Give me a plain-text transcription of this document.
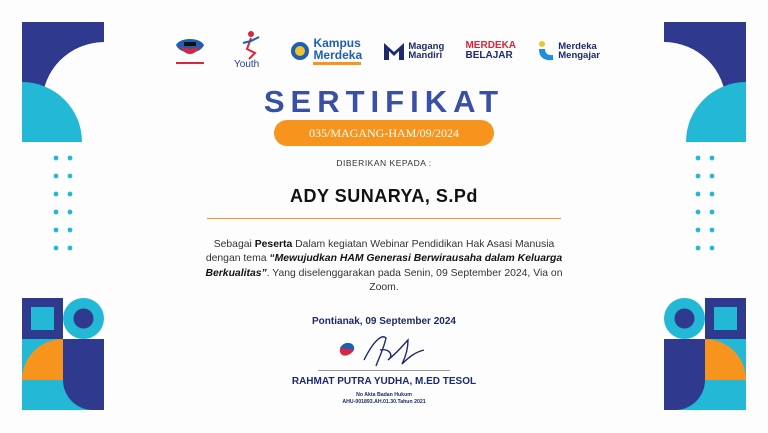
Youth
Kampus
Merdeka
Magang
Mandiri
MERDEKA
BELAJAR
Merdeka
Mengajar
SERTIFIKAT
035/MAGANG-HAM/09/2024
DIBERIKAN KEPADA :
ADY SUNARYA, S.Pd
Sebagai Peserta Dalam kegiatan Webinar Pendidikan Hak Asasi Manusia dengan tema “Mewujudkan HAM Generasi Berwirausaha dalam Keluarga Berkualitas”. Yang diselenggarakan pada Senin, 09 September 2024, Via on Zoom.
Pontianak, 09 September 2024
RAHMAT PUTRA YUDHA, M.ED TESOL
No Akta Badan Hukum
AHU-001893.AH.01.30.Tahun 2021
